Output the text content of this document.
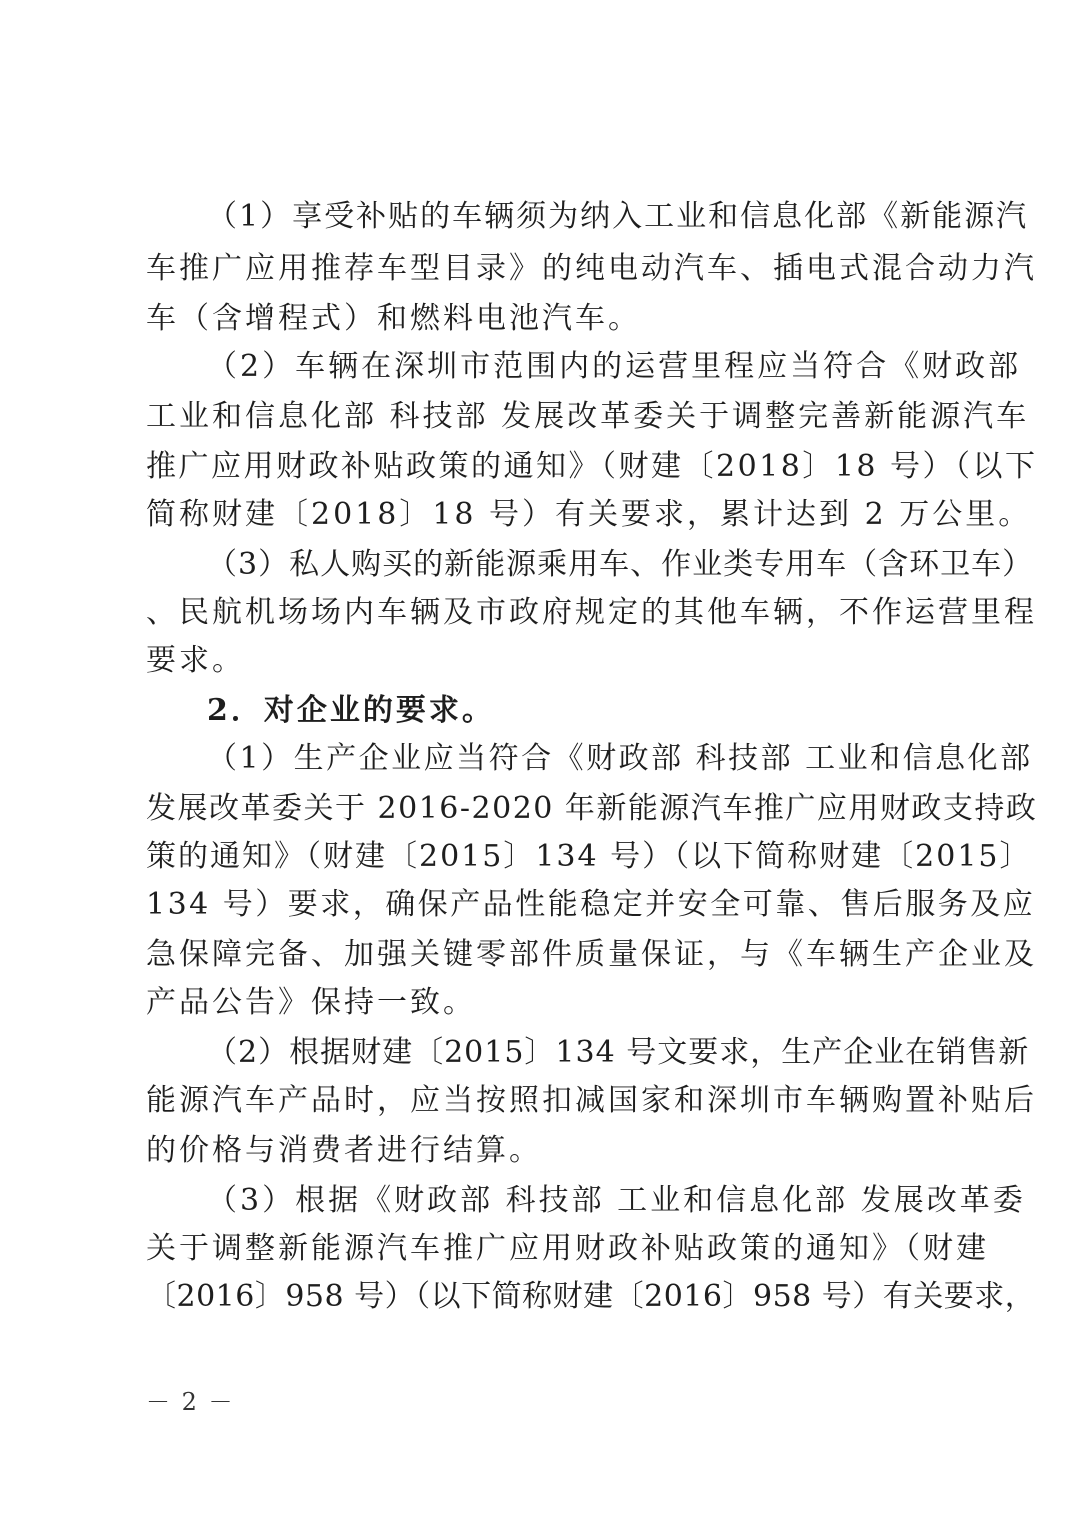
（1）享受补贴的车辆须为纳入工业和信息化部《新能源汽
车推广应用推荐车型目录》的纯电动汽车、插电式混合动力汽
车（含增程式）和燃料电池汽车。
（2）车辆在深圳市范围内的运营里程应当符合《财政部
工业和信息化部 科技部 发展改革委关于调整完善新能源汽车
推广应用财政补贴政策的通知》（财建〔2018〕18 号）（以下
简称财建〔2018〕18 号）有关要求，累计达到 2 万公里。
（3）私人购买的新能源乘用车、作业类专用车（含环卫车）
、民航机场场内车辆及市政府规定的其他车辆，不作运营里程
要求。
2．对企业的要求。
（1）生产企业应当符合《财政部 科技部 工业和信息化部
发展改革委关于 2016-2020 年新能源汽车推广应用财政支持政
策的通知》（财建〔2015〕134 号）（以下简称财建〔2015〕
134 号）要求，确保产品性能稳定并安全可靠、售后服务及应
急保障完备、加强关键零部件质量保证，与《车辆生产企业及
产品公告》保持一致。
（2）根据财建〔2015〕134 号文要求，生产企业在销售新
能源汽车产品时，应当按照扣减国家和深圳市车辆购置补贴后
的价格与消费者进行结算。
（3）根据《财政部 科技部 工业和信息化部 发展改革委
关于调整新能源汽车推广应用财政补贴政策的通知》（财建
〔2016〕958 号）（以下简称财建〔2016〕958 号）有关要求，
－ 2 －
